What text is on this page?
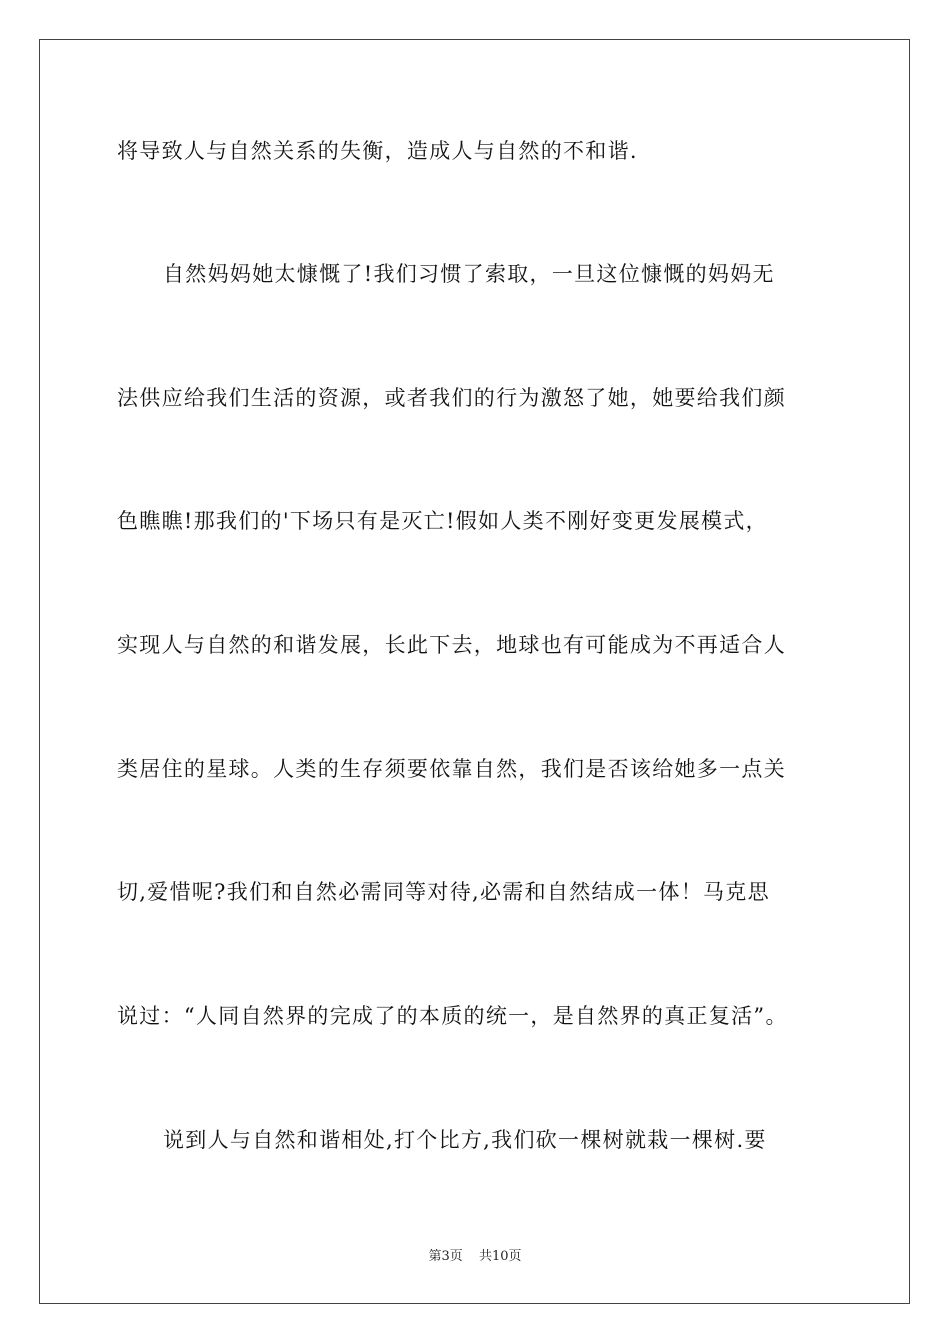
将导致人与自然关系的失衡，造成人与自然的不和谐.
自然妈妈她太慷慨了!我们习惯了索取，一旦这位慷慨的妈妈无
法供应给我们生活的资源，或者我们的行为激怒了她，她要给我们颜
色瞧瞧!那我们的'下场只有是灭亡!假如人类不刚好变更发展模式，
实现人与自然的和谐发展，长此下去，地球也有可能成为不再适合人
类居住的星球。人类的生存须要依靠自然，我们是否该给她多一点关
切,爱惜呢?我们和自然必需同等对待,必需和自然结成一体！马克思
说过：“人同自然界的完成了的本质的统一，是自然界的真正复活”。
说到人与自然和谐相处,打个比方,我们砍一棵树就栽一棵树.要
第3页 共10页
